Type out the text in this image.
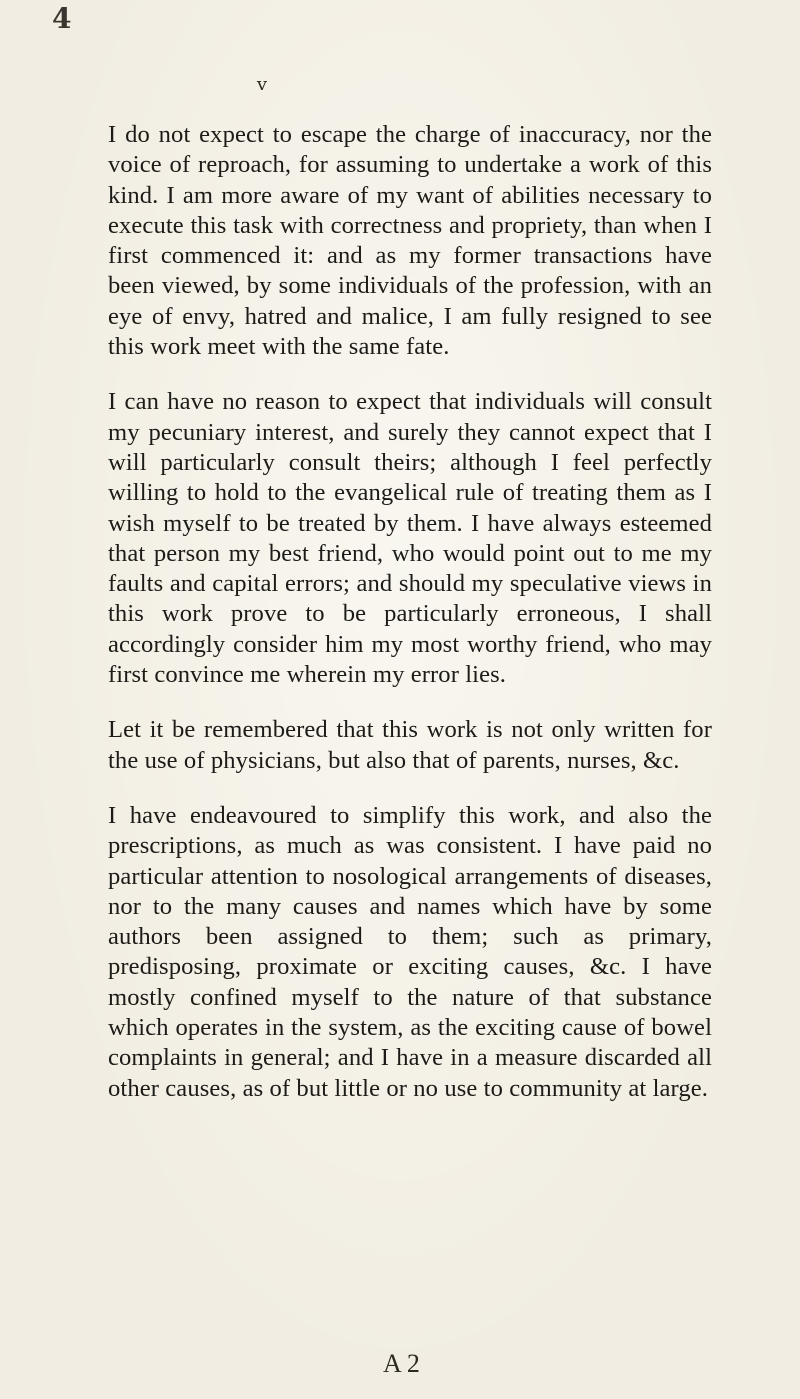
4
v

I do not expect to escape the charge of inaccuracy, nor the voice of reproach, for assuming to undertake a work of this kind. I am more aware of my want of abilities necessary to execute this task with correctness and propriety, than when I first commenced it: and as my former transactions have been viewed, by some individuals of the profession, with an eye of envy, hatred and malice, I am fully resigned to see this work meet with the same fate.

I can have no reason to expect that individuals will consult my pecuniary interest, and surely they cannot expect that I will particularly consult theirs; although I feel perfectly willing to hold to the evangelical rule of treating them as I wish myself to be treated by them. I have always esteemed that person my best friend, who would point out to me my faults and capital errors; and should my speculative views in this work prove to be particularly erroneous, I shall accordingly consider him my most worthy friend, who may first convince me wherein my error lies.

Let it be remembered that this work is not only written for the use of physicians, but also that of parents, nurses, &c.

I have endeavoured to simplify this work, and also the prescriptions, as much as was consistent. I have paid no particular attention to nosological arrangements of diseases, nor to the many causes and names which have by some authors been assigned to them; such as primary, predisposing, proximate or exciting causes, &c. I have mostly confined myself to the nature of that substance which operates in the system, as the exciting cause of bowel complaints in general; and I have in a measure discarded all other causes, as of but little or no use to community at large.

A 2
